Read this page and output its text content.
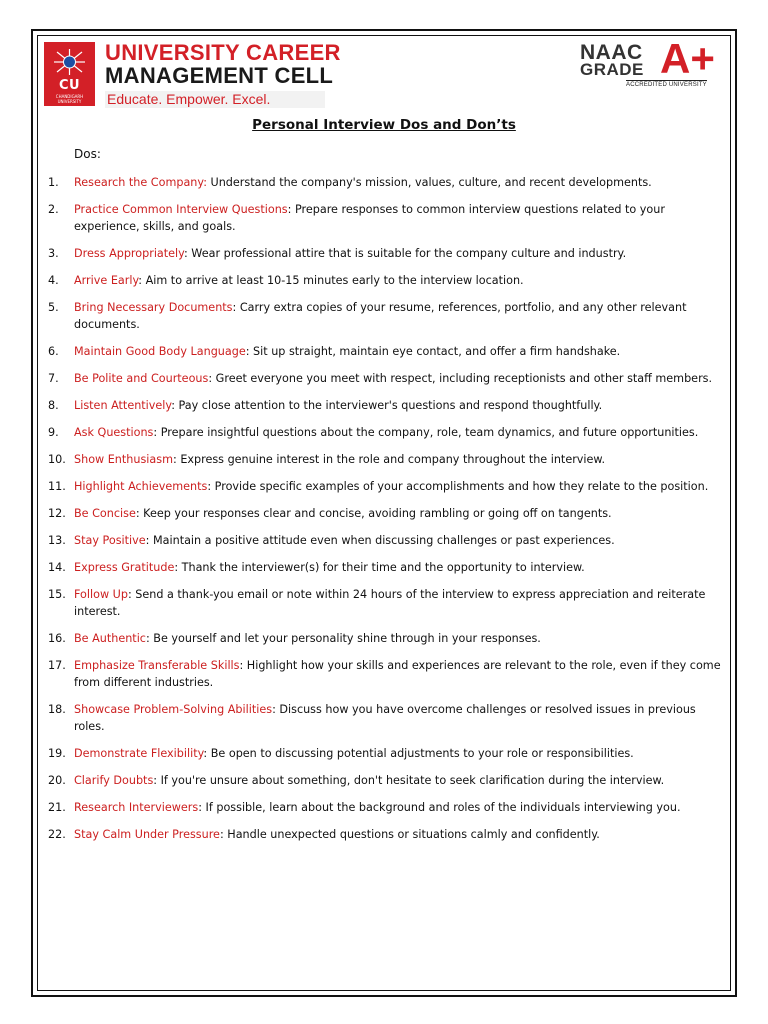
CU
CHANDIGARH UNIVERSITY
UNIVERSITY CAREER
MANAGEMENT CELL
Educate. Empower. Excel.
NAAC
GRADE A+
ACCREDITED UNIVERSITY
Personal Interview Dos and Don’ts
Dos:
1.	Research the Company: Understand the company's mission, values, culture, and recent developments.
2.	Practice Common Interview Questions: Prepare responses to common interview questions related to your experience, skills, and goals.
3.	Dress Appropriately: Wear professional attire that is suitable for the company culture and industry.
4.	Arrive Early: Aim to arrive at least 10-15 minutes early to the interview location.
5.	Bring Necessary Documents: Carry extra copies of your resume, references, portfolio, and any other relevant documents.
6.	Maintain Good Body Language: Sit up straight, maintain eye contact, and offer a firm handshake.
7.	Be Polite and Courteous: Greet everyone you meet with respect, including receptionists and other staff members.
8.	Listen Attentively: Pay close attention to the interviewer's questions and respond thoughtfully.
9.	Ask Questions: Prepare insightful questions about the company, role, team dynamics, and future opportunities.
10. Show Enthusiasm: Express genuine interest in the role and company throughout the interview.
11. Highlight Achievements: Provide specific examples of your accomplishments and how they relate to the position.
12. Be Concise: Keep your responses clear and concise, avoiding rambling or going off on tangents.
13. Stay Positive: Maintain a positive attitude even when discussing challenges or past experiences.
14. Express Gratitude: Thank the interviewer(s) for their time and the opportunity to interview.
15. Follow Up: Send a thank-you email or note within 24 hours of the interview to express appreciation and reiterate interest.
16. Be Authentic: Be yourself and let your personality shine through in your responses.
17. Emphasize Transferable Skills: Highlight how your skills and experiences are relevant to the role, even if they come from different industries.
18. Showcase Problem-Solving Abilities: Discuss how you have overcome challenges or resolved issues in previous roles.
19. Demonstrate Flexibility: Be open to discussing potential adjustments to your role or responsibilities.
20. Clarify Doubts: If you're unsure about something, don't hesitate to seek clarification during the interview.
21. Research Interviewers: If possible, learn about the background and roles of the individuals interviewing you.
22. Stay Calm Under Pressure: Handle unexpected questions or situations calmly and confidently.
